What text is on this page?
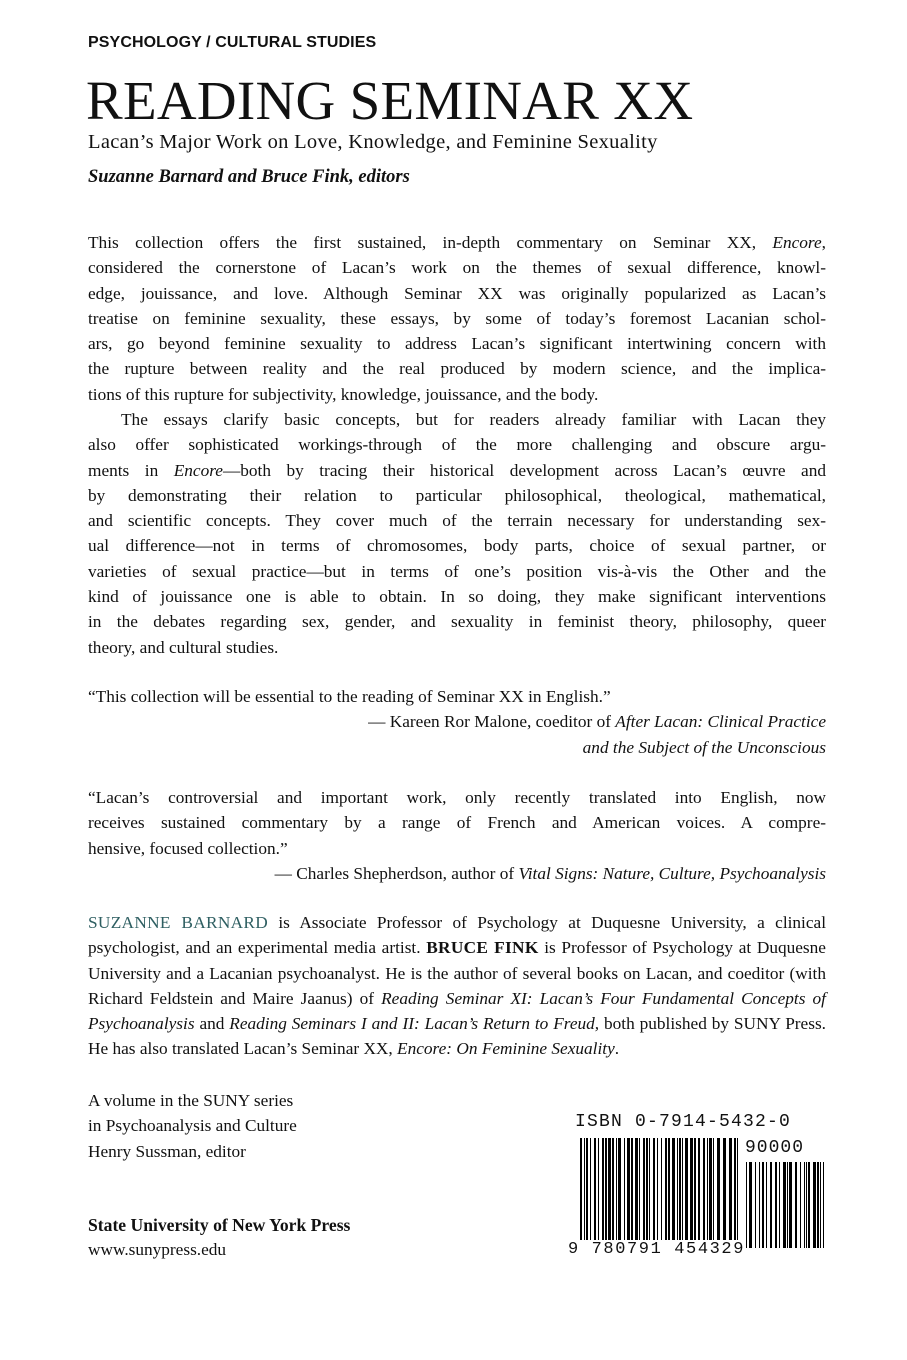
PSYCHOLOGY / CULTURAL STUDIES
READING SEMINAR XX
Lacan’s Major Work on Love, Knowledge, and Feminine Sexuality
Suzanne Barnard and Bruce Fink, editors
This collection offers the first sustained, in-depth commentary on Seminar XX, Encore,
considered the cornerstone of Lacan’s work on the themes of sexual difference, knowl-
edge, jouissance, and love. Although Seminar XX was originally popularized as Lacan’s
treatise on feminine sexuality, these essays, by some of today’s foremost Lacanian schol-
ars, go beyond feminine sexuality to address Lacan’s significant intertwining concern with
the rupture between reality and the real produced by modern science, and the implica-
tions of this rupture for subjectivity, knowledge, jouissance, and the body.
The essays clarify basic concepts, but for readers already familiar with Lacan they
also offer sophisticated workings-through of the more challenging and obscure argu-
ments in Encore—both by tracing their historical development across Lacan’s œuvre and
by demonstrating their relation to particular philosophical, theological, mathematical,
and scientific concepts. They cover much of the terrain necessary for understanding sex-
ual difference—not in terms of chromosomes, body parts, choice of sexual partner, or
varieties of sexual practice—but in terms of one’s position vis-à-vis the Other and the
kind of jouissance one is able to obtain. In so doing, they make significant interventions
in the debates regarding sex, gender, and sexuality in feminist theory, philosophy, queer
theory, and cultural studies.
“This collection will be essential to the reading of Seminar XX in English.”
— Kareen Ror Malone, coeditor of After Lacan: Clinical Practice
and the Subject of the Unconscious
“Lacan’s controversial and important work, only recently translated into English, now
receives sustained commentary by a range of French and American voices. A compre-
hensive, focused collection.”
— Charles Shepherdson, author of Vital Signs: Nature, Culture, Psychoanalysis
SUZANNE BARNARD is Associate Professor of Psychology at Duquesne University, a clinical psychologist, and an experimental media artist. BRUCE FINK is Professor of Psychology at Duquesne University and a Lacanian psychoanalyst. He is the author of several books on Lacan, and coeditor (with Richard Feldstein and Maire Jaanus) of Reading Seminar XI: Lacan’s Four Fundamental Concepts of Psychoanalysis and Reading Seminars I and II: Lacan’s Return to Freud, both published by SUNY Press. He has also translated Lacan’s Seminar XX, Encore: On Feminine Sexuality.
A volume in the SUNY series
in Psychoanalysis and Culture
Henry Sussman, editor
State University of New York Press
www.sunypress.edu
ISBN 0-7914-5432-0
90000
9 780791 454329
